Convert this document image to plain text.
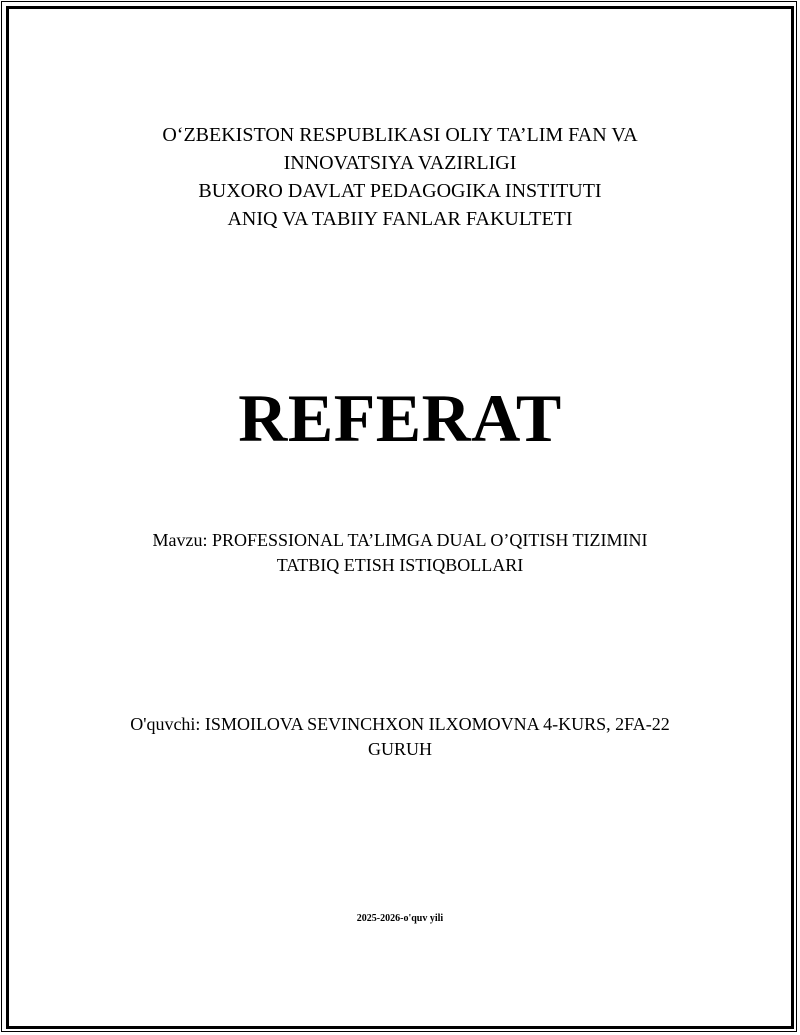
O‘ZBEKISTON RESPUBLIKASI OLIY TA’LIM FAN VA
INNOVATSIYA VAZIRLIGI
BUXORO DAVLAT PEDAGOGIKA INSTITUTI
ANIQ VA TABIIY FANLAR FAKULTETI
REFERAT
Mavzu: PROFESSIONAL TA’LIMGA DUAL O’QITISH TIZIMINI
TATBIQ ETISH ISTIQBOLLARI
O'quvchi: ISMOILOVA SEVINCHXON ILXOMOVNA 4-KURS, 2FA-22
GURUH
2025-2026-o'quv yili
